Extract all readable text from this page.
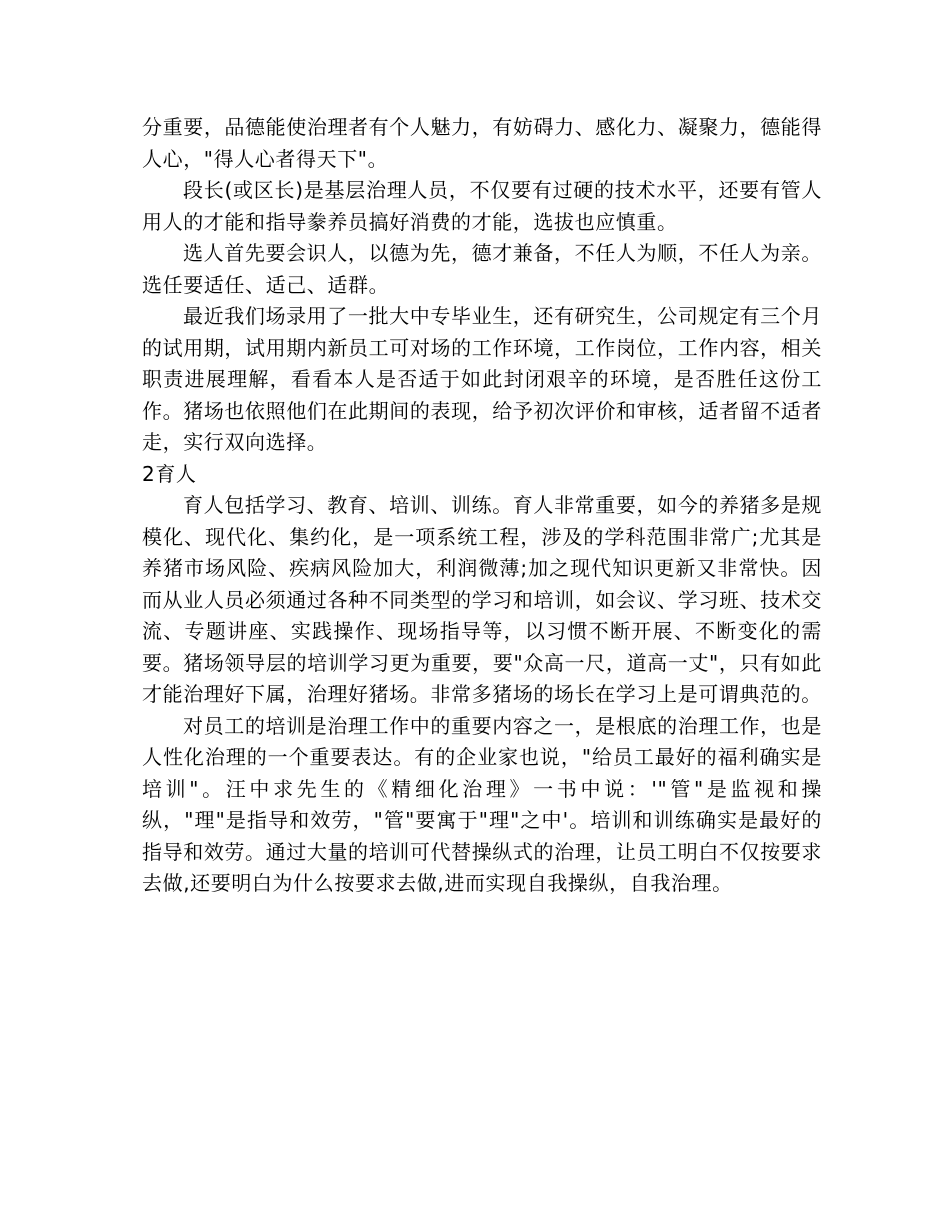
分重要，品德能使治理者有个人魅力，有妨碍力、感化力、凝聚力，德能得人心，"得人心者得天下"。

段长(或区长)是基层治理人员，不仅要有过硬的技术水平，还要有管人用人的才能和指导豢养员搞好消费的才能，选拔也应慎重。

选人首先要会识人，以德为先，德才兼备，不任人为顺，不任人为亲。选任要适任、适己、适群。

最近我们场录用了一批大中专毕业生，还有研究生，公司规定有三个月的试用期，试用期内新员工可对场的工作环境，工作岗位，工作内容，相关职责进展理解，看看本人是否适于如此封闭艰辛的环境，是否胜任这份工作。猪场也依照他们在此期间的表现，给予初次评价和审核，适者留不适者走，实行双向选择。

2育人

育人包括学习、教育、培训、训练。育人非常重要，如今的养猪多是规模化、现代化、集约化，是一项系统工程，涉及的学科范围非常广;尤其是养猪市场风险、疾病风险加大，利润微薄;加之现代知识更新又非常快。因而从业人员必须通过各种不同类型的学习和培训，如会议、学习班、技术交流、专题讲座、实践操作、现场指导等，以习惯不断开展、不断变化的需要。猪场领导层的培训学习更为重要，要"众高一尺，道高一丈"，只有如此才能治理好下属，治理好猪场。非常多猪场的场长在学习上是可谓典范的。

对员工的培训是治理工作中的重要内容之一，是根底的治理工作，也是人性化治理的一个重要表达。有的企业家也说，"给员工最好的福利确实是培训"。汪中求先生的《精细化治理》一书中说：'"管"是监视和操纵，"理"是指导和效劳，"管"要寓于"理"之中'。培训和训练确实是最好的指导和效劳。通过大量的培训可代替操纵式的治理，让员工明白不仅按要求去做,还要明白为什么按要求去做,进而实现自我操纵，自我治理。
